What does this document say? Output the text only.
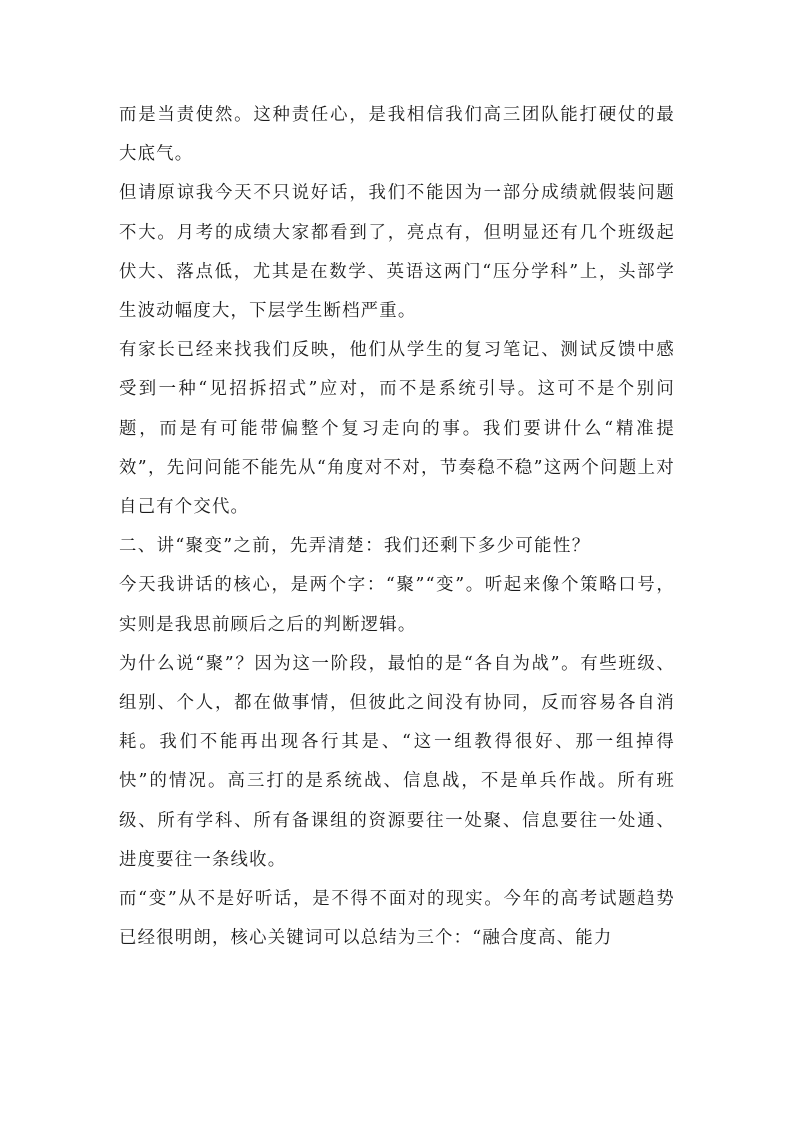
而是当责使然。这种责任心，是我相信我们高三团队能打硬仗的最大底气。

但请原谅我今天不只说好话，我们不能因为一部分成绩就假装问题不大。月考的成绩大家都看到了，亮点有，但明显还有几个班级起伏大、落点低，尤其是在数学、英语这两门“压分学科”上，头部学生波动幅度大，下层学生断档严重。

有家长已经来找我们反映，他们从学生的复习笔记、测试反馈中感受到一种“见招拆招式”应对，而不是系统引导。这可不是个别问题，而是有可能带偏整个复习走向的事。我们要讲什么“精准提效”，先问问能不能先从“角度对不对，节奏稳不稳”这两个问题上对自己有个交代。

二、讲“聚变”之前，先弄清楚：我们还剩下多少可能性？

今天我讲话的核心，是两个字：“聚”“变”。听起来像个策略口号，实则是我思前顾后之后的判断逻辑。

为什么说“聚”？因为这一阶段，最怕的是“各自为战”。有些班级、组别、个人，都在做事情，但彼此之间没有协同，反而容易各自消耗。我们不能再出现各行其是、“这一组教得很好、那一组掉得快”的情况。高三打的是系统战、信息战，不是单兵作战。所有班级、所有学科、所有备课组的资源要往一处聚、信息要往一处通、进度要往一条线收。

而“变”从不是好听话，是不得不面对的现实。今年的高考试题趋势已经很明朗，核心关键词可以总结为三个：“融合度高、能力
